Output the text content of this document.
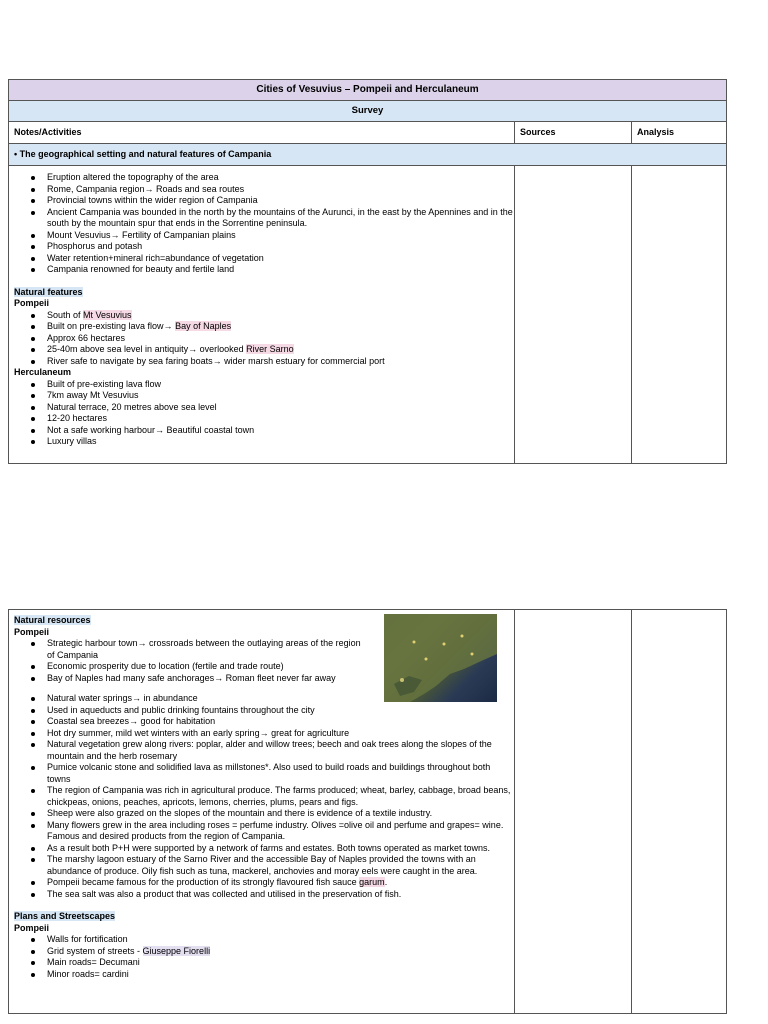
Cities of Vesuvius – Pompeii and Herculaneum
Survey
Notes/Activities	Sources	Analysis
• The geographical setting and natural features of Campania
Eruption altered the topography of the area
Rome, Campania region→ Roads and sea routes
Provincial towns within the wider region of Campania
Ancient Campania was bounded in the north by the mountains of the Aurunci, in the east by the Apennines and in the south by the mountain spur that ends in the Sorrentine peninsula.
Mount Vesuvius→ Fertility of Campanian plains
Phosphorus and potash
Water retention+mineral rich=abundance of vegetation
Campania renowned for beauty and fertile land
Natural features
Pompeii
South of Mt Vesuvius
Built on pre-existing lava flow→ Bay of Naples
Approx 66 hectares
25-40m above sea level in antiquity→ overlooked River Sarno
River safe to navigate by sea faring boats→ wider marsh estuary for commercial port
Herculaneum
Built of pre-existing lava flow
7km away Mt Vesuvius
Natural terrace, 20 metres above sea level
12-20 hectares
Not a safe working harbour→ Beautiful coastal town
Luxury villas
Natural resources
Pompeii
Strategic harbour town→ crossroads between the outlaying areas of the region of Campania
Economic prosperity due to location (fertile and trade route)
Bay of Naples had many safe anchorages→ Roman fleet never far away
Natural water springs→ in abundance
Used in aqueducts and public drinking fountains throughout the city
Coastal sea breezes→ good for habitation
Hot dry summer, mild wet winters with an early spring→ great for agriculture
Natural vegetation grew along rivers: poplar, alder and willow trees; beech and oak trees along the slopes of the mountain and the herb rosemary
Pumice volcanic stone and solidified lava as millstones*. Also used to build roads and buildings throughout both towns
The region of Campania was rich in agricultural produce. The farms produced; wheat, barley, cabbage, broad beans, chickpeas, onions, peaches, apricots, lemons, cherries, plums, pears and figs.
Sheep were also grazed on the slopes of the mountain and there is evidence of a textile industry.
Many flowers grew in the area including roses = perfume industry. Olives =olive oil and perfume and grapes= wine. Famous and desired products from the region of Campania.
As a result both P+H were supported by a network of farms and estates. Both towns operated as market towns.
The marshy lagoon estuary of the Sarno River and the accessible Bay of Naples provided the towns with an abundance of produce. Oily fish such as tuna, mackerel, anchovies and moray eels were caught in the area.
Pompeii became famous for the production of its strongly flavoured fish sauce garum.
The sea salt was also a product that was collected and utilised in the preservation of fish.
Plans and Streetscapes
Pompeii
Walls for fortification
Grid system of streets - Giuseppe Fiorelli
Main roads= Decumani
Minor roads= cardini
